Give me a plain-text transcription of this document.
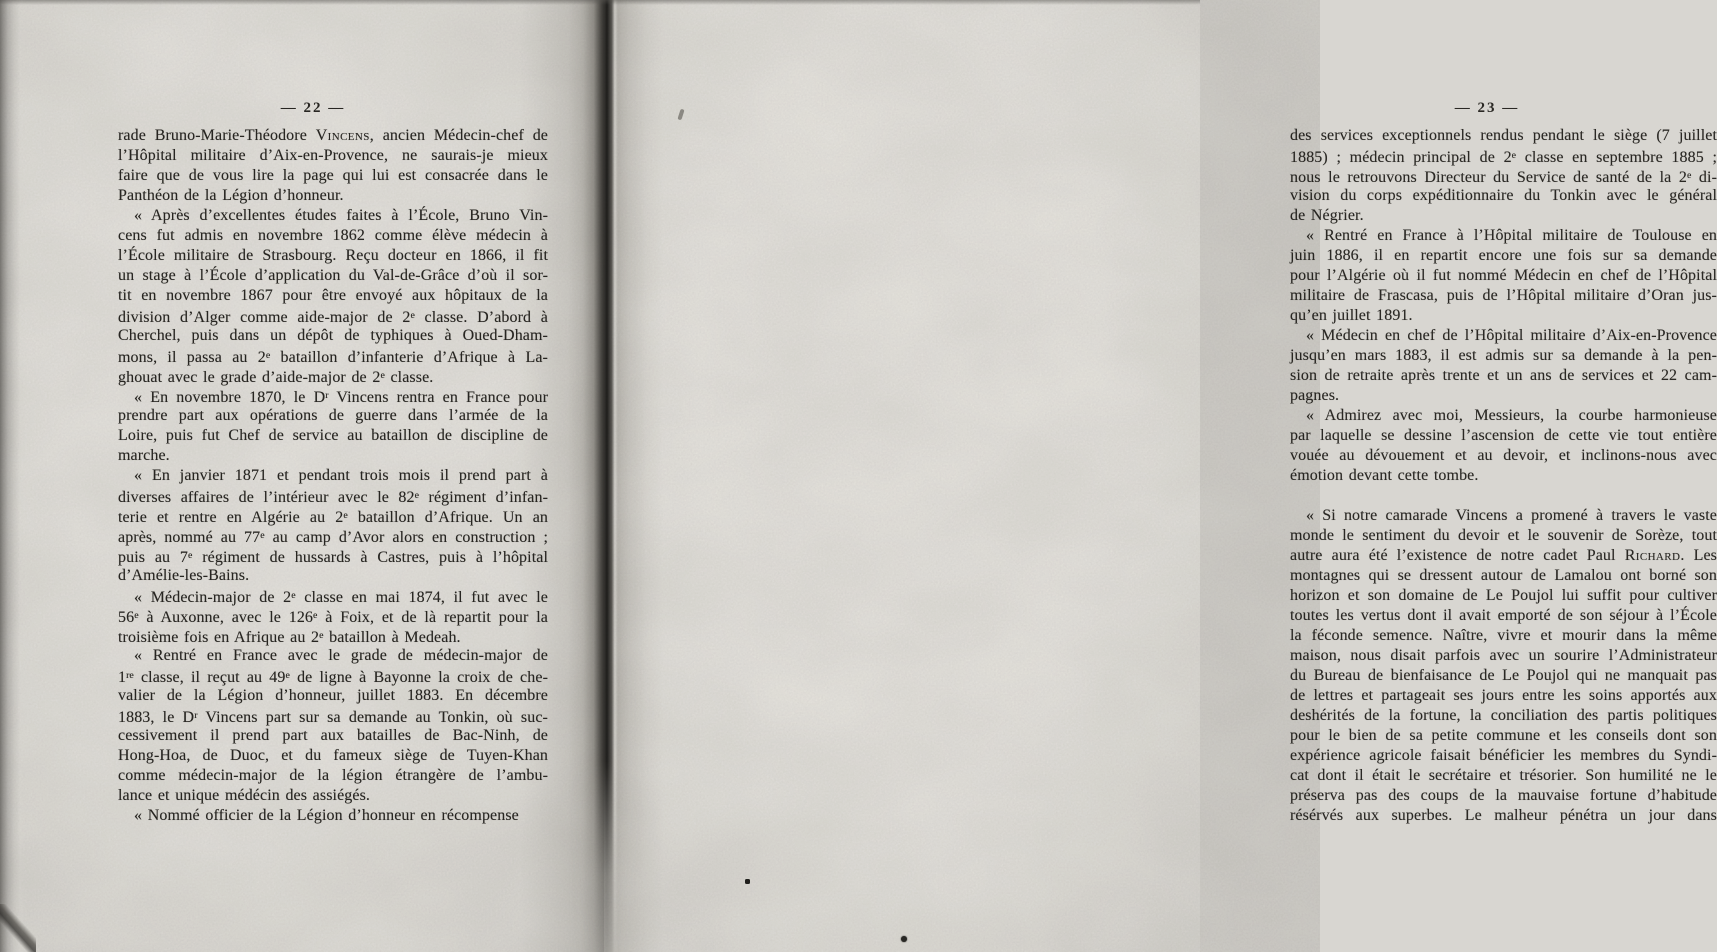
— 22 —
rade Bruno-Marie-Théodore Vincens, ancien Médecin-chef de
l’Hôpital militaire d’Aix-en-Provence, ne saurais-je mieux
faire que de vous lire la page qui lui est consacrée dans le
Panthéon de la Légion d’honneur.
« Après d’excellentes études faites à l’École, Bruno Vin-
cens fut admis en novembre 1862 comme élève médecin à
l’École militaire de Strasbourg. Reçu docteur en 1866, il fit
un stage à l’École d’application du Val-de-Grâce d’où il sor-
tit en novembre 1867 pour être envoyé aux hôpitaux de la
division d’Alger comme aide-major de 2e classe. D’abord à
Cherchel, puis dans un dépôt de typhiques à Oued-Dham-
mons, il passa au 2e bataillon d’infanterie d’Afrique à La-
ghouat avec le grade d’aide-major de 2e classe.
« En novembre 1870, le $D^r$ Vincens rentra en France pour
prendre part aux opérations de guerre dans l’armée de la
Loire, puis fut Chef de service au bataillon de discipline de
marche.
« En janvier 1871 et pendant trois mois il prend part à
diverses affaires de l’intérieur avec le 82e régiment d’infan-
terie et rentre en Algérie au 2e bataillon d’Afrique. Un an
après, nommé au 77e au camp d’Avor alors en construction ;
puis au 7e régiment de hussards à Castres, puis à l’hôpital
d’Amélie-les-Bains.
« Médecin-major de 2e classe en mai 1874, il fut avec le
56e à Auxonne, avec le 126e à Foix, et de là repartit pour la
troisième fois en Afrique au 2e bataillon à Medeah.
« Rentré en France avec le grade de médecin-major de
1re classe, il reçut au 49e de ligne à Bayonne la croix de che-
valier de la Légion d’honneur, juillet 1883. En décembre
1883, le $D^r$ Vincens part sur sa demande au Tonkin, où suc-
cessivement il prend part aux batailles de Bac-Ninh, de
Hong-Hoa, de Duoc, et du fameux siège de Tuyen-Khan
comme médecin-major de la légion étrangère de l’ambu-
lance et unique médécin des assiégés.
« Nommé officier de la Légion d’honneur en récompense
— 23 —
des services exceptionnels rendus pendant le siège (7 juillet
1885) ; médecin principal de 2e classe en septembre 1885 ;
nous le retrouvons Directeur du Service de santé de la 2e di-
vision du corps expéditionnaire du Tonkin avec le général
de Négrier.
« Rentré en France à l’Hôpital militaire de Toulouse en
juin 1886, il en repartit encore une fois sur sa demande
pour l’Algérie où il fut nommé Médecin en chef de l’Hôpital
militaire de Frascasa, puis de l’Hôpital militaire d’Oran jus-
qu’en juillet 1891.
« Médecin en chef de l’Hôpital militaire d’Aix-en-Provence
jusqu’en mars 1883, il est admis sur sa demande à la pen-
sion de retraite après trente et un ans de services et 22 cam-
pagnes.
« Admirez avec moi, Messieurs, la courbe harmonieuse
par laquelle se dessine l’ascension de cette vie tout entière
vouée au dévouement et au devoir, et inclinons-nous avec
émotion devant cette tombe.
« Si notre camarade Vincens a promené à travers le vaste
monde le sentiment du devoir et le souvenir de Sorèze, tout
autre aura été l’existence de notre cadet Paul Richard. Les
montagnes qui se dressent autour de Lamalou ont borné son
horizon et son domaine de Le Poujol lui suffit pour cultiver
toutes les vertus dont il avait emporté de son séjour à l’École
la féconde semence. Naître, vivre et mourir dans la même
maison, nous disait parfois avec un sourire l’Administrateur
du Bureau de bienfaisance de Le Poujol qui ne manquait pas
de lettres et partageait ses jours entre les soins apportés aux
deshérités de la fortune, la conciliation des partis politiques
pour le bien de sa petite commune et les conseils dont son
expérience agricole faisait bénéficier les membres du Syndi-
cat dont il était le secrétaire et trésorier. Son humilité ne le
préserva pas des coups de la mauvaise fortune d’habitude
résérvés aux superbes. Le malheur pénétra un jour dans
